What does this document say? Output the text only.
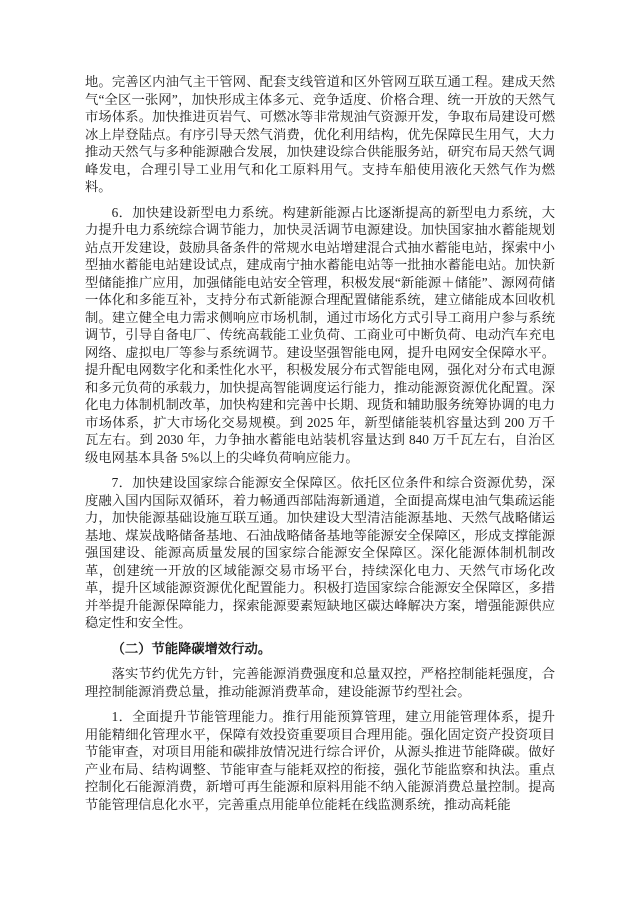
地。完善区内油气主干管网、配套支线管道和区外管网互联互通工程。建成天然气“全区一张网”，加快形成主体多元、竞争适度、价格合理、统一开放的天然气市场体系。加快推进页岩气、可燃冰等非常规油气资源开发，争取布局建设可燃冰上岸登陆点。有序引导天然气消费，优化利用结构，优先保障民生用气，大力推动天然气与多种能源融合发展，加快建设综合供能服务站，研究布局天然气调峰发电，合理引导工业用气和化工原料用气。支持车船使用液化天然气作为燃料。

6．加快建设新型电力系统。构建新能源占比逐渐提高的新型电力系统，大力提升电力系统综合调节能力，加快灵活调节电源建设。加快国家抽水蓄能规划站点开发建设，鼓励具备条件的常规水电站增建混合式抽水蓄能电站，探索中小型抽水蓄能电站建设试点，建成南宁抽水蓄能电站等一批抽水蓄能电站。加快新型储能推广应用，加强储能电站安全管理，积极发展“新能源＋储能”、源网荷储一体化和多能互补，支持分布式新能源合理配置储能系统，建立储能成本回收机制。建立健全电力需求侧响应市场机制，通过市场化方式引导工商用户参与系统调节，引导自备电厂、传统高载能工业负荷、工商业可中断负荷、电动汽车充电网络、虚拟电厂等参与系统调节。建设坚强智能电网，提升电网安全保障水平。提升配电网数字化和柔性化水平，积极发展分布式智能电网，强化对分布式电源和多元负荷的承载力，加快提高智能调度运行能力，推动能源资源优化配置。深化电力体制机制改革，加快构建和完善中长期、现货和辅助服务统筹协调的电力市场体系，扩大市场化交易规模。到 2025 年，新型储能装机容量达到 200 万千瓦左右。到 2030 年，力争抽水蓄能电站装机容量达到 840 万千瓦左右，自治区级电网基本具备 5%以上的尖峰负荷响应能力。

7．加快建设国家综合能源安全保障区。依托区位条件和综合资源优势，深度融入国内国际双循环，着力畅通西部陆海新通道，全面提高煤电油气集疏运能力，加快能源基础设施互联互通。加快建设大型清洁能源基地、天然气战略储运基地、煤炭战略储备基地、石油战略储备基地等能源安全保障区，形成支撑能源强国建设、能源高质量发展的国家综合能源安全保障区。深化能源体制机制改革，创建统一开放的区域能源交易市场平台，持续深化电力、天然气市场化改革，提升区域能源资源优化配置能力。积极打造国家综合能源安全保障区，多措并举提升能源保障能力，探索能源要素短缺地区碳达峰解决方案，增强能源供应稳定性和安全性。

（二）节能降碳增效行动。

落实节约优先方针，完善能源消费强度和总量双控，严格控制能耗强度，合理控制能源消费总量，推动能源消费革命，建设能源节约型社会。

1．全面提升节能管理能力。推行用能预算管理，建立用能管理体系，提升用能精细化管理水平，保障有效投资重要项目合理用能。强化固定资产投资项目节能审查，对项目用能和碳排放情况进行综合评价，从源头推进节能降碳。做好产业布局、结构调整、节能审查与能耗双控的衔接，强化节能监察和执法。重点控制化石能源消费，新增可再生能源和原料用能不纳入能源消费总量控制。提高节能管理信息化水平，完善重点用能单位能耗在线监测系统，推动高耗能
